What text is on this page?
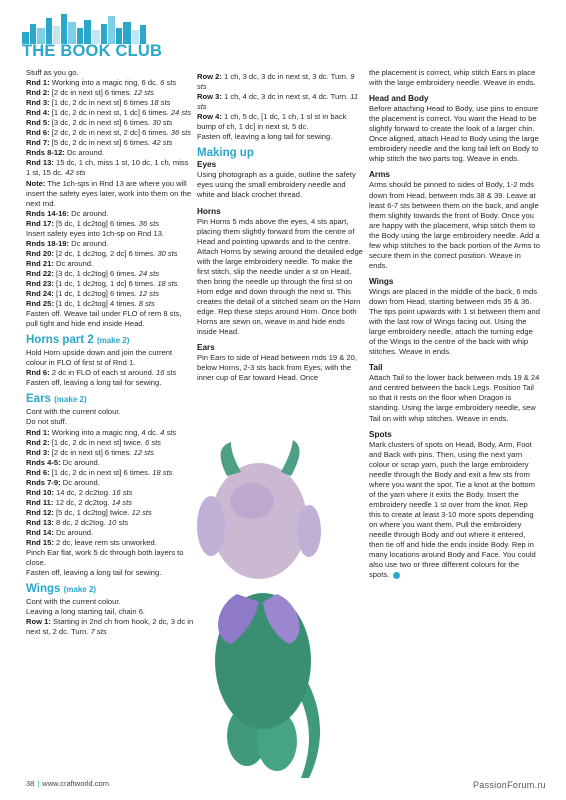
THE BOOK CLUB

Stuff as you go.

Rnd 1: Working into a magic ring, 6 dc. 6 sts

Rnd 2: [2 dc in next st] 6 times. 12 sts

Rnd 3: [1 dc, 2 dc in next st] 6 times 18 sts

Rnd 4: [1 dc, 2 dc in next st, 1 dc] 6 times. 24 sts

Rnd 5: [3 dc, 2 dc in next st] 6 times. 30 sts

Rnd 6: [2 dc, 2 dc in next st, 2 dc] 6 times. 36 sts

Rnd 7: [5 dc, 2 dc in next st] 6 times. 42 sts

Rnds 8-12: Dc around.

Rnd 13: 15 dc, 1 ch, miss 1 st, 10 dc, 1 ch, miss 1 st, 15 dc. 42 sts

Note: The 1ch-sps in Rnd 13 are where you will insert the safety eyes later, work into them on the next rnd.

Rnds 14-16: Dc around.

Rnd 17: [5 dc, 1 dc2tog] 6 times. 36 sts

Insert safety eyes into 1ch-sp on Rnd 13.

Rnds 18-19: Dc around.

Rnd 20: [2 dc, 1 dc2tog, 2 dc] 6 times. 30 sts

Rnd 21: Dc around.

Rnd 22: [3 dc, 1 dc2tog] 6 times. 24 sts

Rnd 23: [1 dc, 1 dc2tog, 1 dc] 6 times. 18 sts

Rnd 24: [1 dc, 1 dc2tog] 6 times. 12 sts

Rnd 25: [1 dc, 1 dc2tog] 4 times. 8 sts

Fasten off. Weave tail under FLO of rem 8 sts, pull tight and hide end inside Head.

Horns part 2 (make 2)

Hold Horn upside down and join the current colour in FLO of first st of Rnd 1.

Rnd 6: 2 dc in FLO of each st around. 16 sts

Fasten off, leaving a long tail for sewing.

Ears (make 2)

Cont with the current colour.

Do not stuff.

Rnd 1: Working into a magic ring, 4 dc. 4 sts

Rnd 2: [1 dc, 2 dc in next st] twice. 6 sts

Rnd 3: [2 dc in next st] 6 times. 12 sts

Rnds 4-5: Dc around.

Rnd 6: [1 dc, 2 dc in next st] 6 times. 18 sts

Rnds 7-9: Dc around.

Rnd 10: 14 dc, 2 dc2tog. 16 sts

Rnd 11: 12 dc, 2 dc2tog. 14 sts

Rnd 12: [5 dc, 1 dc2tog] twice. 12 sts

Rnd 13: 8 dc, 2 dc2tog. 10 sts

Rnd 14: Dc around.

Rnd 15: 2 dc, leave rem sts unworked.

Pinch Ear flat, work 5 dc through both layers to close.

Fasten off, leaving a long tail for sewing.

Wings (make 2)

Cont with the current colour.

Leaving a long starting tail, chain 6.

Row 1: Starting in 2nd ch from hook, 2 dc, 3 dc in next st, 2 dc. Turn. 7 sts

Row 2: 1 ch, 3 dc, 3 dc in next st, 3 dc. Turn. 9 sts

Row 3: 1 ch, 4 dc, 3 dc in next st, 4 dc. Turn. 11 sts

Row 4: 1 ch, 5 dc, [1 dc, 1 ch, 1 sl st in back bump of ch, 1 dc] in next st, 5 dc.

Fasten off, leaving a long tail for sewing.

Making up

Eyes

Using photograph as a guide, outline the safety eyes using the small embroidery needle and white and black crochet thread.

Horns

Pin Horns 5 mds above the eyes, 4 sts apart, placing them slightly forward from the centre of Head and pointing upwards and to the centre. Attach Horns by sewing around the detailed edge with the large embroidery needle. To make the first stitch, slip the needle under a st on Head, then bring the needle up through the first st on Horn edge and down through the next st. This creates the detail of a stitched seam on the Horn edge. Rep these steps around Horn. Once both Horns are sewn on, weave in and hide ends inside Head.

Ears

Pin Ears to side of Head between rnds 19 & 20, below Horns, 2-3 sts back from Eyes, with the inner cup of Ear toward Head. Once

the placement is correct, whip stitch Ears in place with the large embroidery needle. Weave in ends.

Head and Body

Before attaching Head to Body, use pins to ensure the placement is correct. You want the Head to be slightly forward to create the look of a larger chin. Once aligned, attach Head to Body using the large embroidery needle and the long tail left on Body to whip stitch the two parts tog. Weave in ends.

Arms

Arms should be pinned to sides of Body, 1-2 mds down from Head, between mds 38 & 39. Leave at least 6-7 sts between them on the back, and angle them slightly towards the front of Body. Once you are happy with the placement, whip stitch them to the Body using the large embroidery needle. Add a few whip stitches to the back portion of the Arms to secure them in the correct position. Weave in ends.

Wings

Wings are placed in the middle of the back, 6 mds down from Head, starting between mds 35 & 36. The tips point upwards with 1 st between them and with the last row of Wings facing out. Using the large embroidery needle, attach the turning edge of the Wings to the centre of the back with whip stitches. Weave in ends.

Tail

Attach Tail to the lower back between rnds 19 & 24 and centred between the back Legs. Position Tail so that it rests on the floor when Dragon is standing. Using the large embroidery needle, sew Tail on with whip stitches. Weave in ends.

Spots

Mark clusters of spots on Head, Body, Arm, Foot and Back with pins. Then, using the next yarn colour or scrap yarn, push the large embroidery needle through the Body and exit a few sts from where you want the spot. Tie a knot at the bottom of the yarn where it exits the Body. Insert the embroidery needle 1 st over from the knot. Rep this to create at least 3-10 more spots depending on where you want them. Pull the embroidery needle through Body and out where it entered, then tie off and hide the ends inside Body. Rep in many locations around Body and Face. You could also use two or three different colours for the spots.

38 | www.craftworld.com	PassionForum.ru
